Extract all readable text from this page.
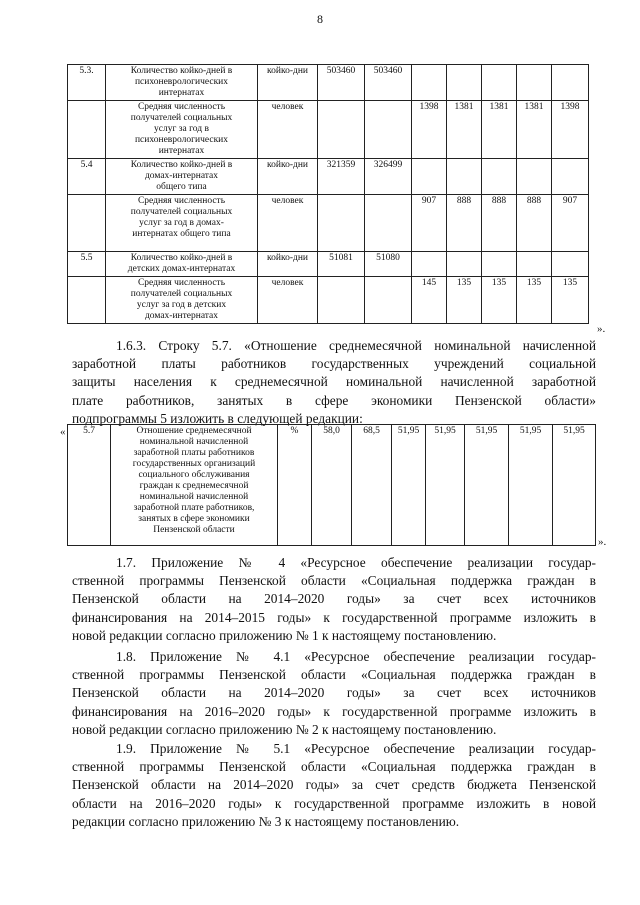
8
5.3.	Количество койко-дней в
психоневрологических
интернатах	койко-дни	503460	503460					

	Средняя численность
получателей социальных
услуг за год в
психоневрологических
интернатах	человек			1398	1381	1381	1381	1398
5.4	Количество койко-дней в
домах-интернатах
общего типа	койко-дни	321359	326499					

	Средняя численность
получателей социальных
услуг за год в домах-
интернатах общего типа	человек			907	888	888	888	907
5.5	Количество койко-дней в
детских домах-интернатах	койко-дни	51081	51080					

	Средняя численность
получателей социальных
услуг за год в детских
домах-интернатах	человек			145	135	135	135	135
».
1.6.3. Строку 5.7. «Отношение среднемесячной номинальной начисленной
заработной платы работников государственных учреждений социальной
защиты населения к среднемесячной номинальной начисленной заработной
плате работников, занятых в сфере экономики Пензенской области»
подпрограммы 5 изложить в следующей редакции:
« 5.7	Отношение среднемесячной
номинальной начисленной
заработной платы работников
государственных организаций
социального обслуживания
граждан к среднемесячной
номинальной начисленной
заработной плате работников,
занятых в сфере экономики
Пензенской области
	%	58,0	68,5	51,95	51,95	51,95	51,95	51,95
».
1.7. Приложение № 4 «Ресурсное обеспечение реализации государ-
ственной программы Пензенской области «Социальная поддержка граждан в
Пензенской области на 2014–2020 годы» за счет всех источников
финансирования на 2014–2015 годы» к государственной программе изложить в
новой редакции согласно приложению № 1 к настоящему постановлению.
1.8. Приложение № 4.1 «Ресурсное обеспечение реализации государ-
ственной программы Пензенской области «Социальная поддержка граждан в
Пензенской области на 2014–2020 годы» за счет всех источников
финансирования на 2016–2020 годы» к государственной программе изложить в
новой редакции согласно приложению № 2 к настоящему постановлению.
1.9. Приложение № 5.1 «Ресурсное обеспечение реализации государ-
ственной программы Пензенской области «Социальная поддержка граждан в
Пензенской области на 2014–2020 годы» за счет средств бюджета Пензенской
области на 2016–2020 годы» к государственной программе изложить в новой
редакции согласно приложению № 3 к настоящему постановлению.
